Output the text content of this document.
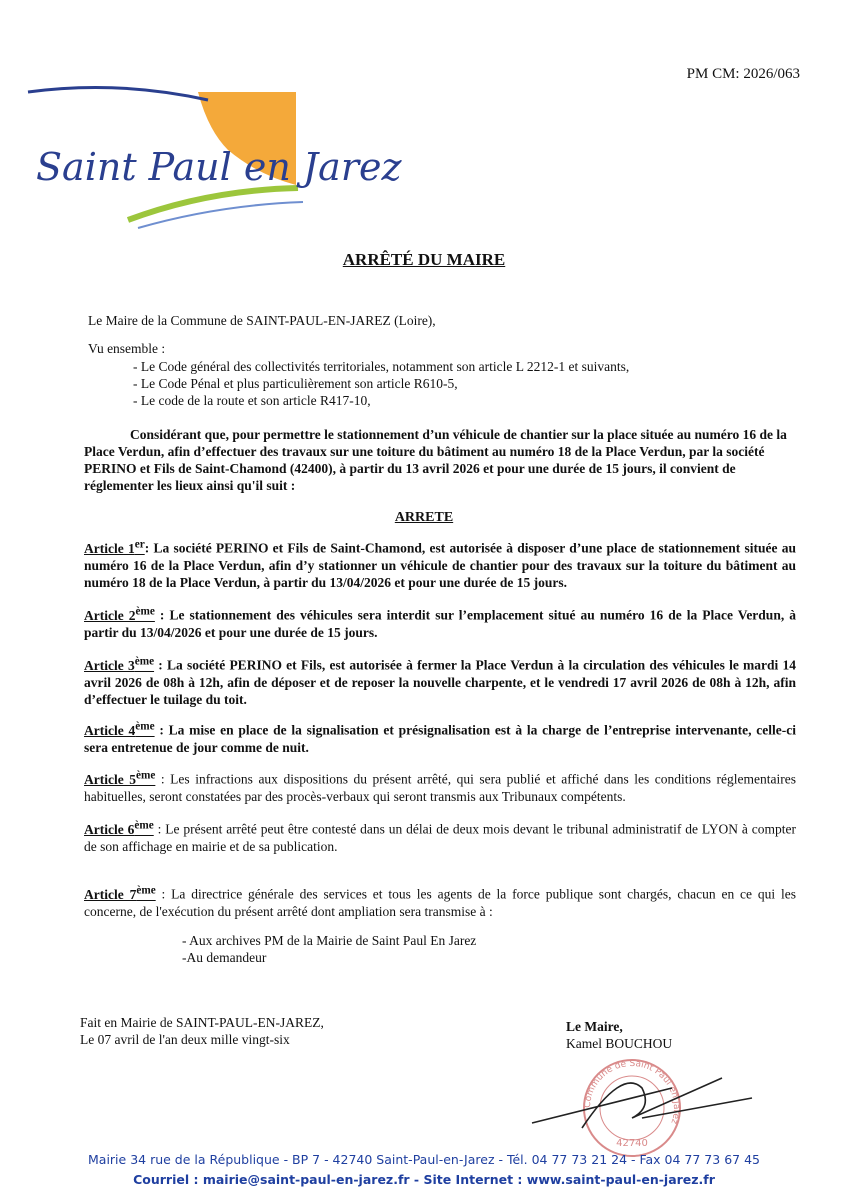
PM CM: 2026/063
Saint Paul en Jarez
ARRÊTÉ DU MAIRE
Le Maire de la Commune de SAINT-PAUL-EN-JAREZ (Loire),
Vu ensemble :
- Le Code général des collectivités territoriales, notamment son article L 2212-1 et suivants,
- Le Code Pénal et plus particulièrement son article R610-5,
- Le code de la route et son article R417-10,
Considérant que, pour permettre le stationnement d’un véhicule de chantier sur la place située au numéro 16 de la Place Verdun, afin d’effectuer des travaux sur une toiture du bâtiment au numéro 18 de la Place Verdun, par la société PERINO et Fils de Saint-Chamond (42400), à partir du 13 avril 2026 et pour une durée de 15 jours, il convient de réglementer les lieux ainsi qu'il suit :
ARRETE
Article 1er: La société PERINO et Fils de Saint-Chamond, est autorisée à disposer d’une place de stationnement située au numéro 16 de la Place Verdun, afin d’y stationner un véhicule de chantier pour des travaux sur la toiture du bâtiment au numéro 18 de la Place Verdun, à partir du 13/04/2026 et pour une durée de 15 jours.
Article 2ème : Le stationnement des véhicules sera interdit sur l’emplacement situé au numéro 16 de la Place Verdun, à partir du 13/04/2026 et pour une durée de 15 jours.
Article 3ème : La société PERINO et Fils, est autorisée à fermer la Place Verdun à la circulation des véhicules le mardi 14 avril 2026 de 08h à 12h, afin de déposer et de reposer la nouvelle charpente, et le vendredi 17 avril 2026 de 08h à 12h, afin d’effectuer le tuilage du toit.
Article 4ème : La mise en place de la signalisation et présignalisation est à la charge de l’entreprise intervenante, celle-ci sera entretenue de jour comme de nuit.
Article 5ème : Les infractions aux dispositions du présent arrêté, qui sera publié et affiché dans les conditions réglementaires habituelles, seront constatées par des procès-verbaux qui seront transmis aux Tribunaux compétents.
Article 6ème : Le présent arrêté peut être contesté dans un délai de deux mois devant le tribunal administratif de LYON à compter de son affichage en mairie et de sa publication.
Article 7ème : La directrice générale des services et tous les agents de la force publique sont chargés, chacun en ce qui les concerne, de l'exécution du présent arrêté dont ampliation sera transmise à :
- Aux archives PM de la Mairie de Saint Paul En Jarez
-Au demandeur
Fait en Mairie de SAINT-PAUL-EN-JAREZ,
Le 07 avril de l'an deux mille vingt-six
Le Maire,
Kamel BOUCHOU
Commune de Saint Paul en Jarez
42740
Mairie 34 rue de la République - BP 7 - 42740 Saint-Paul-en-Jarez - Tél. 04 77 73 21 24 - Fax 04 77 73 67 45
Courriel : mairie@saint-paul-en-jarez.fr - Site Internet : www.saint-paul-en-jarez.fr
